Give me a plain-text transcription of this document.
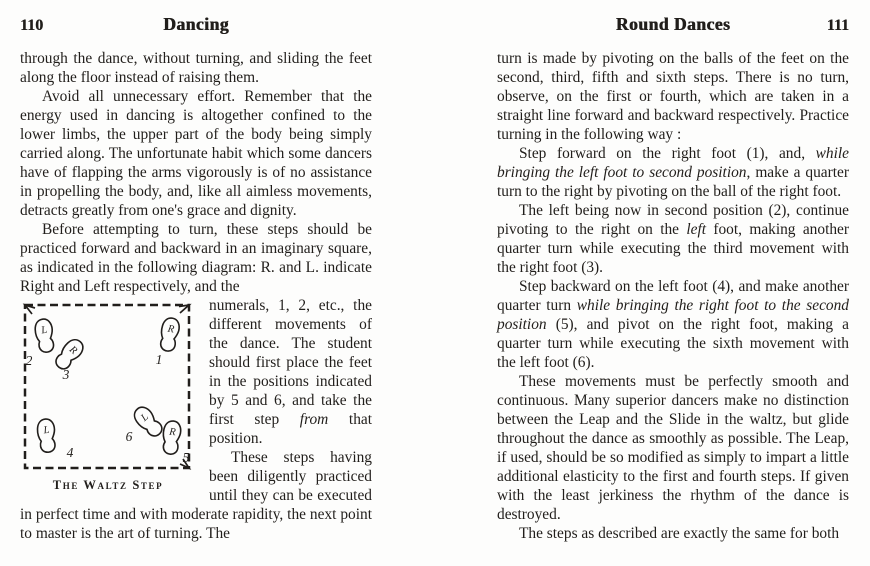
110	Dancing

through the dance, without turning, and sliding the feet along the floor instead of raising them.

Avoid all unnecessary effort. Remember that the energy used in dancing is altogether confined to the lower limbs, the upper part of the body being simply carried along. The unfortunate habit which some dancers have of flapping the arms vigorously is of no assistance in propelling the body, and, like all aimless movements, detracts greatly from one's grace and dignity.

Before attempting to turn, these steps should be practiced forward and backward in an imaginary square, as indicated in the following diagram: R. and L. indicate Right and Left respectively, and the

L
2
R
3
R
1
L
4
L
6	R
5
The Waltz Step

numerals, 1, 2, etc., the different movements of the dance. The student should first place the feet in the positions indicated by 5 and 6, and take the first step from that position.

These steps having been diligently practiced until they can be executed in perfect time and with moderate rapidity, the next point to master is the art of turning. The

Round Dances	111

turn is made by pivoting on the balls of the feet on the second, third, fifth and sixth steps. There is no turn, observe, on the first or fourth, which are taken in a straight line forward and backward respectively. Practice turning in the following way :

Step forward on the right foot (1), and, while bringing the left foot to second position, make a quarter turn to the right by pivoting on the ball of the right foot.

The left being now in second position (2), continue pivoting to the right on the left foot, making another quarter turn while executing the third movement with the right foot (3).

Step backward on the left foot (4), and make another quarter turn while bringing the right foot to the second position (5), and pivot on the right foot, making a quarter turn while executing the sixth movement with the left foot (6).

These movements must be perfectly smooth and continuous. Many superior dancers make no distinction between the Leap and the Slide in the waltz, but glide throughout the dance as smoothly as possible. The Leap, if used, should be so modified as simply to impart a little additional elasticity to the first and fourth steps. If given with the least jerkiness the rhythm of the dance is destroyed.

The steps as described are exactly the same for both
